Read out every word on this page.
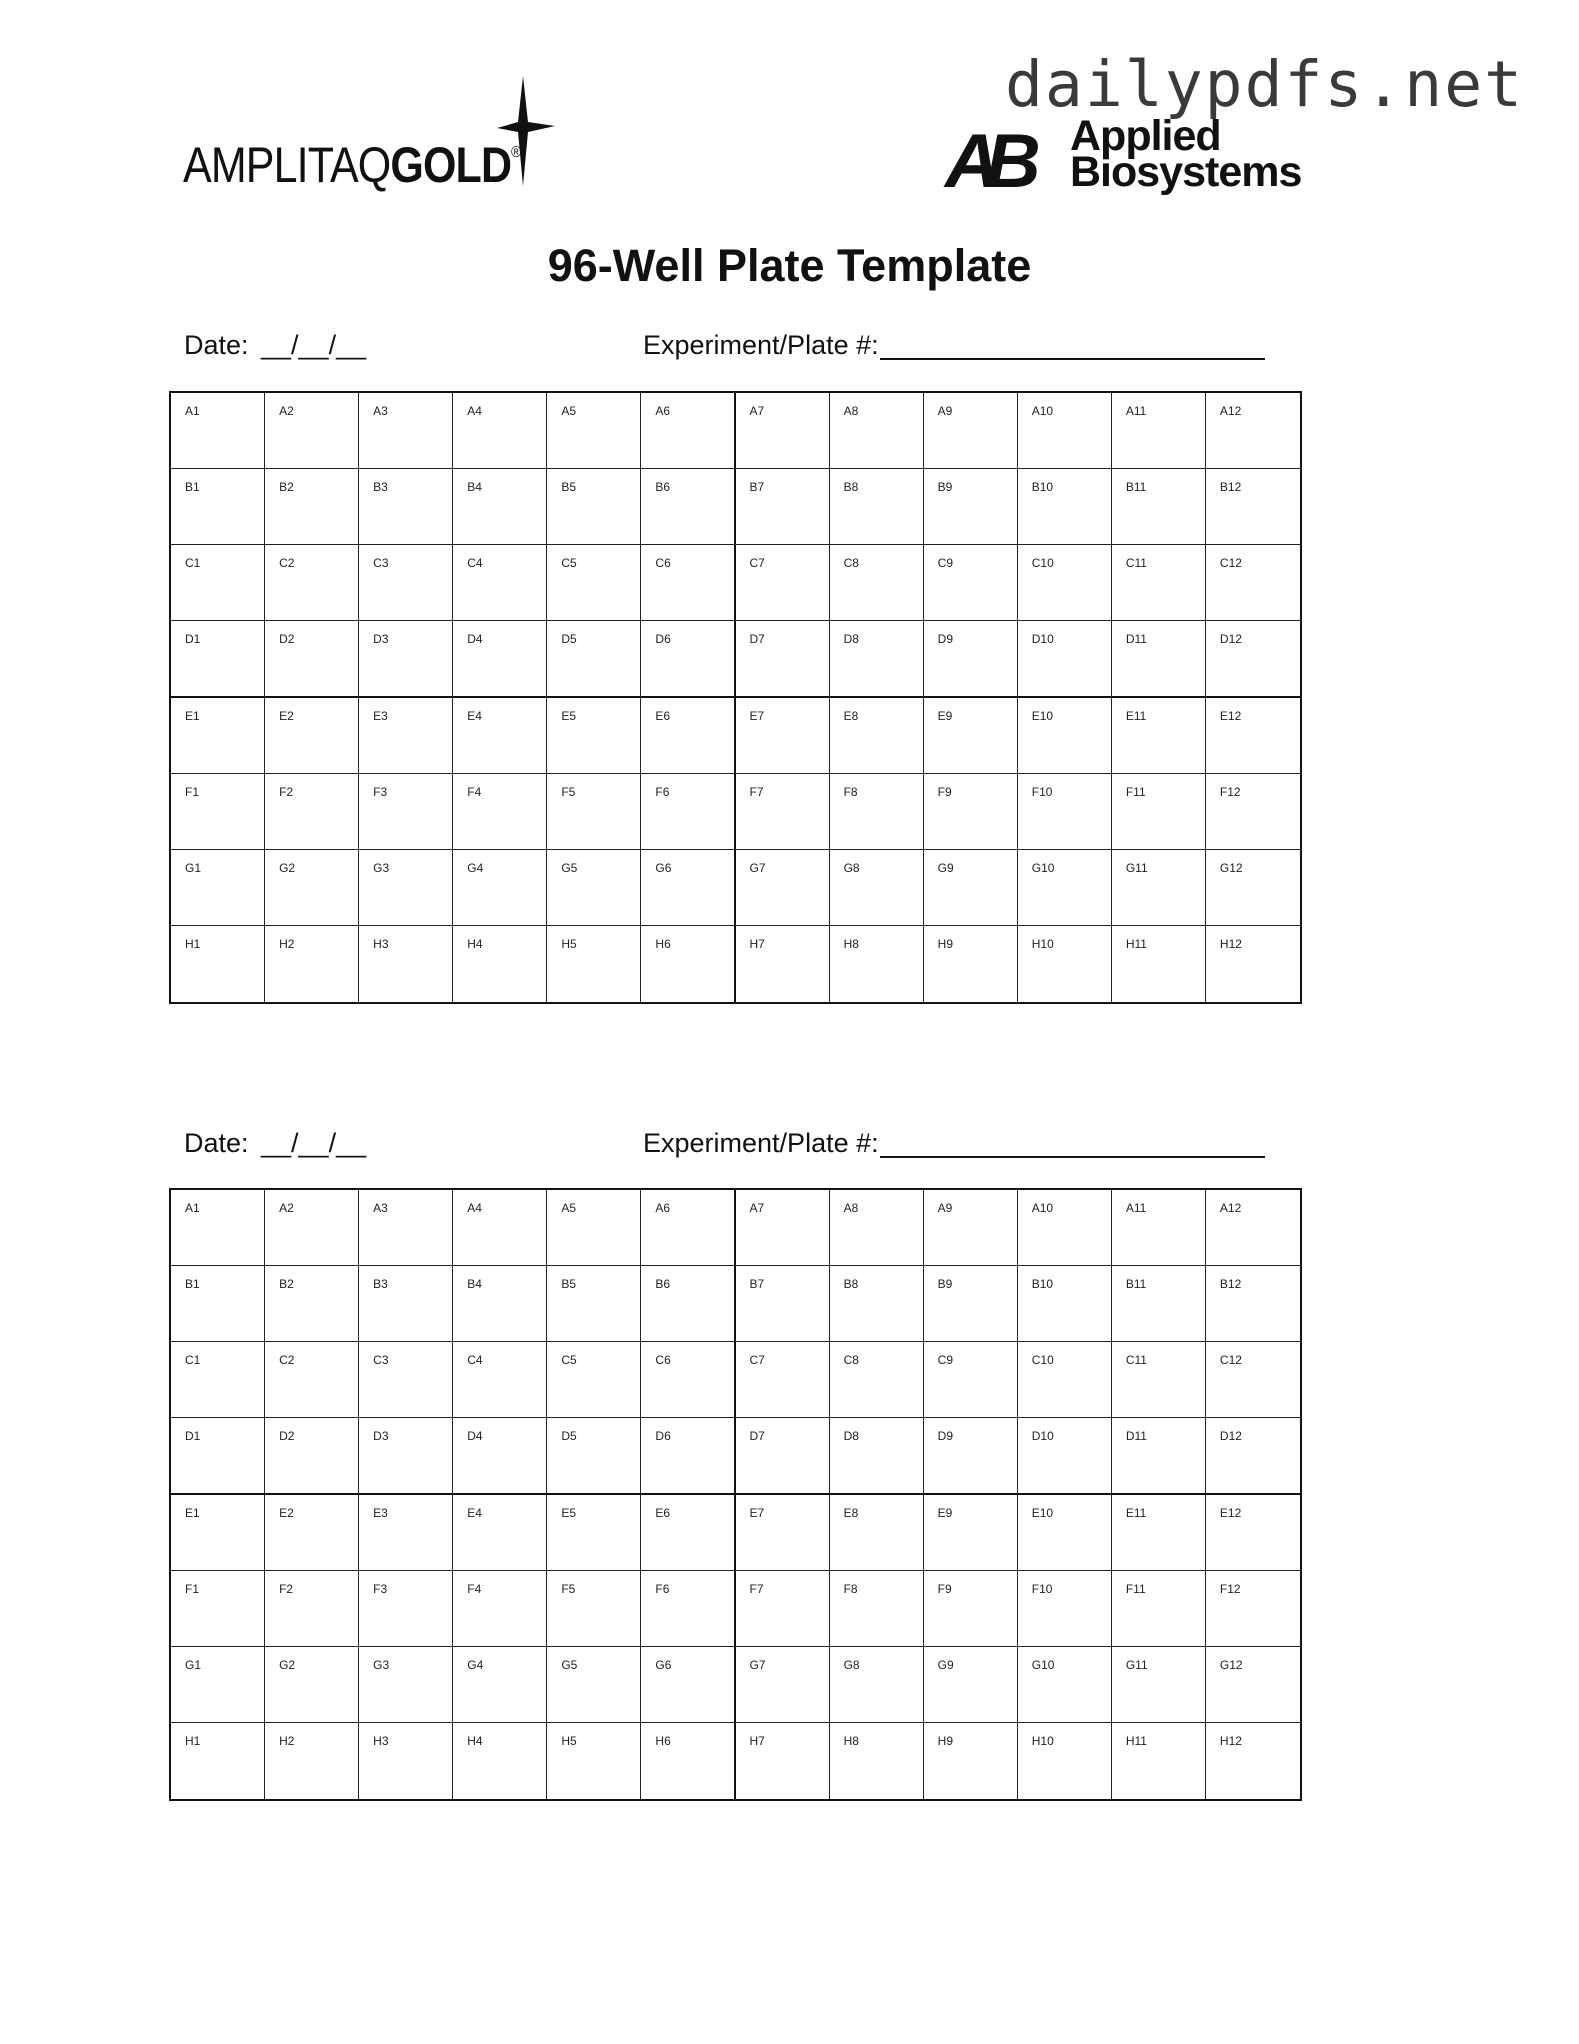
dailypdfs.net
AMPLITAQGOLD®	AB Applied
Biosystems
96-Well Plate Template
Date: __/__/__	Experiment/Plate #:
A1	A2	A3	A4	A5	A6	A7	A8	A9	A10	A11	A12
B1	B2	B3	B4	B5	B6	B7	B8	B9	B10	B11	B12
C1	C2	C3	C4	C5	C6	C7	C8	C9	C10	C11	C12
D1	D2	D3	D4	D5	D6	D7	D8	D9	D10	D11	D12
E1	E2	E3	E4	E5	E6	E7	E8	E9	E10	E11	E12
F1	F2	F3	F4	F5	F6	F7	F8	F9	F10	F11	F12
G1	G2	G3	G4	G5	G6	G7	G8	G9	G10	G11	G12
H1	H2	H3	H4	H5	H6	H7	H8	H9	H10	H11	H12
Date: __/__/__	Experiment/Plate #:
A1	A2	A3	A4	A5	A6	A7	A8	A9	A10	A11	A12
B1	B2	B3	B4	B5	B6	B7	B8	B9	B10	B11	B12
C1	C2	C3	C4	C5	C6	C7	C8	C9	C10	C11	C12
D1	D2	D3	D4	D5	D6	D7	D8	D9	D10	D11	D12
E1	E2	E3	E4	E5	E6	E7	E8	E9	E10	E11	E12
F1	F2	F3	F4	F5	F6	F7	F8	F9	F10	F11	F12
G1	G2	G3	G4	G5	G6	G7	G8	G9	G10	G11	G12
H1	H2	H3	H4	H5	H6	H7	H8	H9	H10	H11	H12
